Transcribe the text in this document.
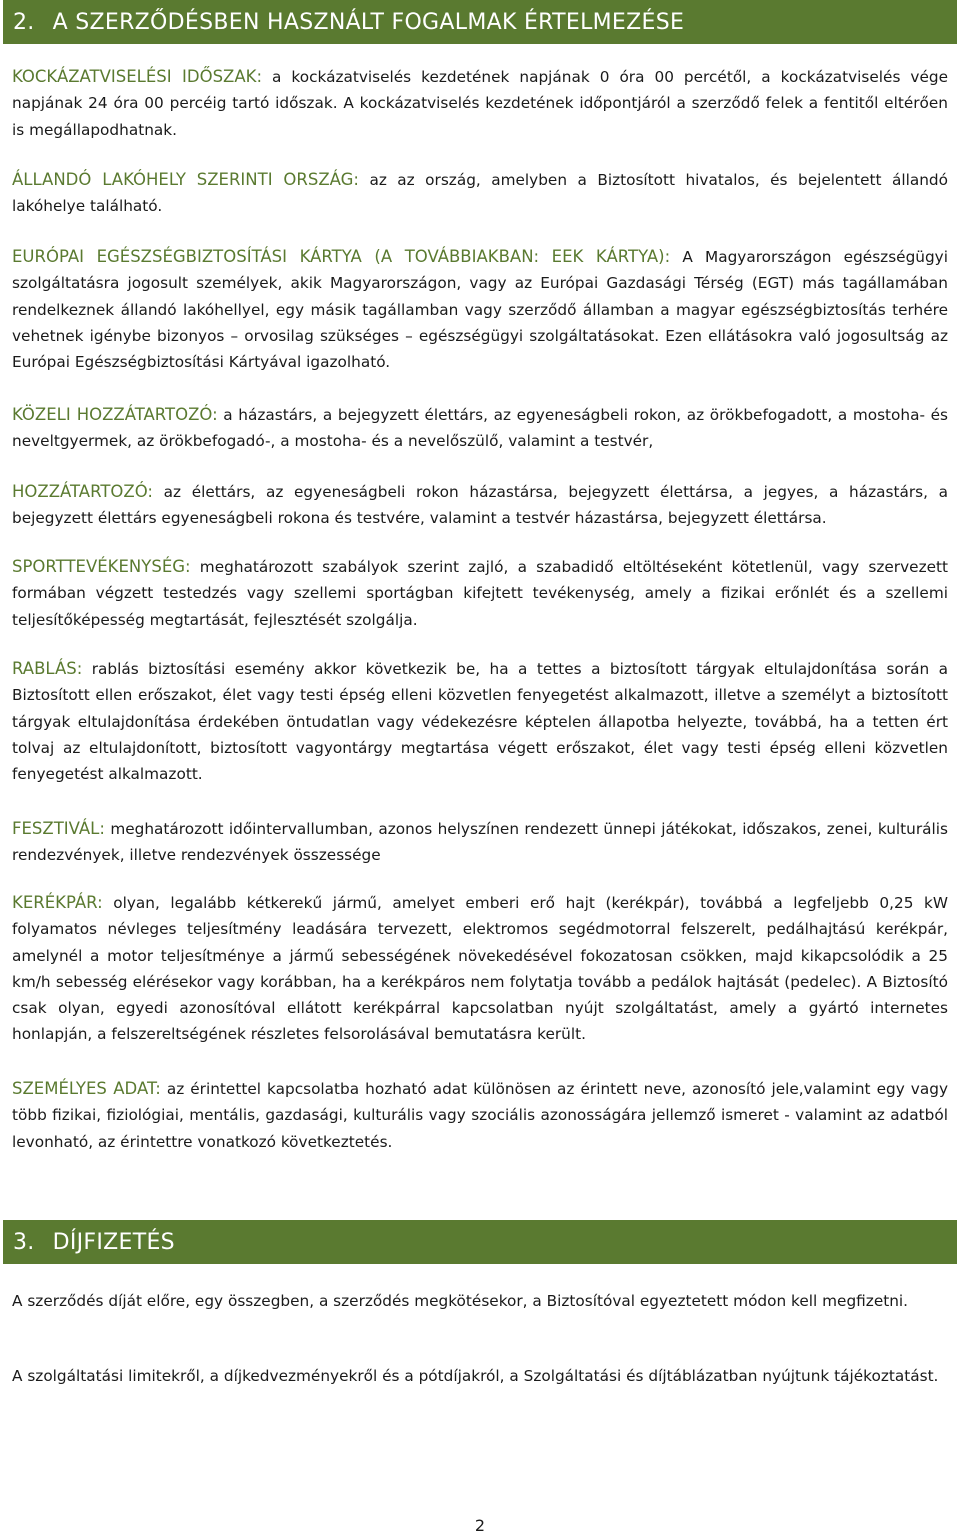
2. A SZERZŐDÉSBEN HASZNÁLT FOGALMAK ÉRTELMEZÉSE

KOCKÁZATVISELÉSI IDŐSZAK: a kockázatviselés kezdetének napjának 0 óra 00 percétől, a kockázatviselés vége napjának 24 óra 00 percéig tartó időszak. A kockázatviselés kezdetének időpontjáról a szerződő felek a fentitől eltérően is megállapodhatnak.

ÁLLANDÓ LAKÓHELY SZERINTI ORSZÁG: az az ország, amelyben a Biztosított hivatalos, és bejelentett állandó lakóhelye található.

EURÓPAI EGÉSZSÉGBIZTOSÍTÁSI KÁRTYA (A TOVÁBBIAKBAN: EEK KÁRTYA): A Magyarországon egészségügyi szolgáltatásra jogosult személyek, akik Magyarországon, vagy az Európai Gazdasági Térség (EGT) más tagállamában rendelkeznek állandó lakóhellyel, egy másik tagállamban vagy szerződő államban a magyar egészségbiztosítás terhére vehetnek igénybe bizonyos – orvosilag szükséges – egészségügyi szolgáltatásokat. Ezen ellátásokra való jogosultság az Európai Egészségbiztosítási Kártyával igazolható.

KÖZELI HOZZÁTARTOZÓ: a házastárs, a bejegyzett élettárs, az egyeneságbeli rokon, az örökbefogadott, a mostoha- és neveltgyermek, az örökbefogadó-, a mostoha- és a nevelőszülő, valamint a testvér,

HOZZÁTARTOZÓ: az élettárs, az egyeneságbeli rokon házastársa, bejegyzett élettársa, a jegyes, a házastárs, a bejegyzett élettárs egyeneságbeli rokona és testvére, valamint a testvér házastársa, bejegyzett élettársa.

SPORTTEVÉKENYSÉG: meghatározott szabályok szerint zajló, a szabadidő eltöltéseként kötetlenül, vagy szervezett formában végzett testedzés vagy szellemi sportágban kifejtett tevékenység, amely a fizikai erőnlét és a szellemi teljesítőképesség megtartását, fejlesztését szolgálja.

RABLÁS: rablás biztosítási esemény akkor következik be, ha a tettes a biztosított tárgyak eltulajdonítása során a Biztosított ellen erőszakot, élet vagy testi épség elleni közvetlen fenyegetést alkalmazott, illetve a személyt a biztosított tárgyak eltulajdonítása érdekében öntudatlan vagy védekezésre képtelen állapotba helyezte, továbbá, ha a tetten ért tolvaj az eltulajdonított, biztosított vagyontárgy megtartása végett erőszakot, élet vagy testi épség elleni közvetlen fenyegetést alkalmazott.

FESZTIVÁL: meghatározott időintervallumban, azonos helyszínen rendezett ünnepi játékokat, időszakos, zenei, kulturális rendezvények, illetve rendezvények összessége

KERÉKPÁR: olyan, legalább kétkerekű jármű, amelyet emberi erő hajt (kerékpár), továbbá a legfeljebb 0,25 kW folyamatos névleges teljesítmény leadására tervezett, elektromos segédmotorral felszerelt, pedálhajtású kerékpár, amelynél a motor teljesítménye a jármű sebességének növekedésével fokozatosan csökken, majd kikapcsolódik a 25 km/h sebesség elérésekor vagy korábban, ha a kerékpáros nem folytatja tovább a pedálok hajtását (pedelec). A Biztosító csak olyan, egyedi azonosítóval ellátott kerékpárral kapcsolatban nyújt szolgáltatást, amely a gyártó internetes honlapján, a felszereltségének részletes felsorolásával bemutatásra került.

SZEMÉLYES ADAT: az érintettel kapcsolatba hozható adat különösen az érintett neve, azonosító jele,valamint egy vagy több fizikai, fiziológiai, mentális, gazdasági, kulturális vagy szociális azonosságára jellemző ismeret - valamint az adatból levonható, az érintettre vonatkozó következtetés.

3. DÍJFIZETÉS

A szerződés díját előre, egy összegben, a szerződés megkötésekor, a Biztosítóval egyeztetett módon kell megfizetni.

A szolgáltatási limitekről, a díjkedvezményekről és a pótdíjakról, a Szolgáltatási és díjtáblázatban nyújtunk tájékoztatást.

2
